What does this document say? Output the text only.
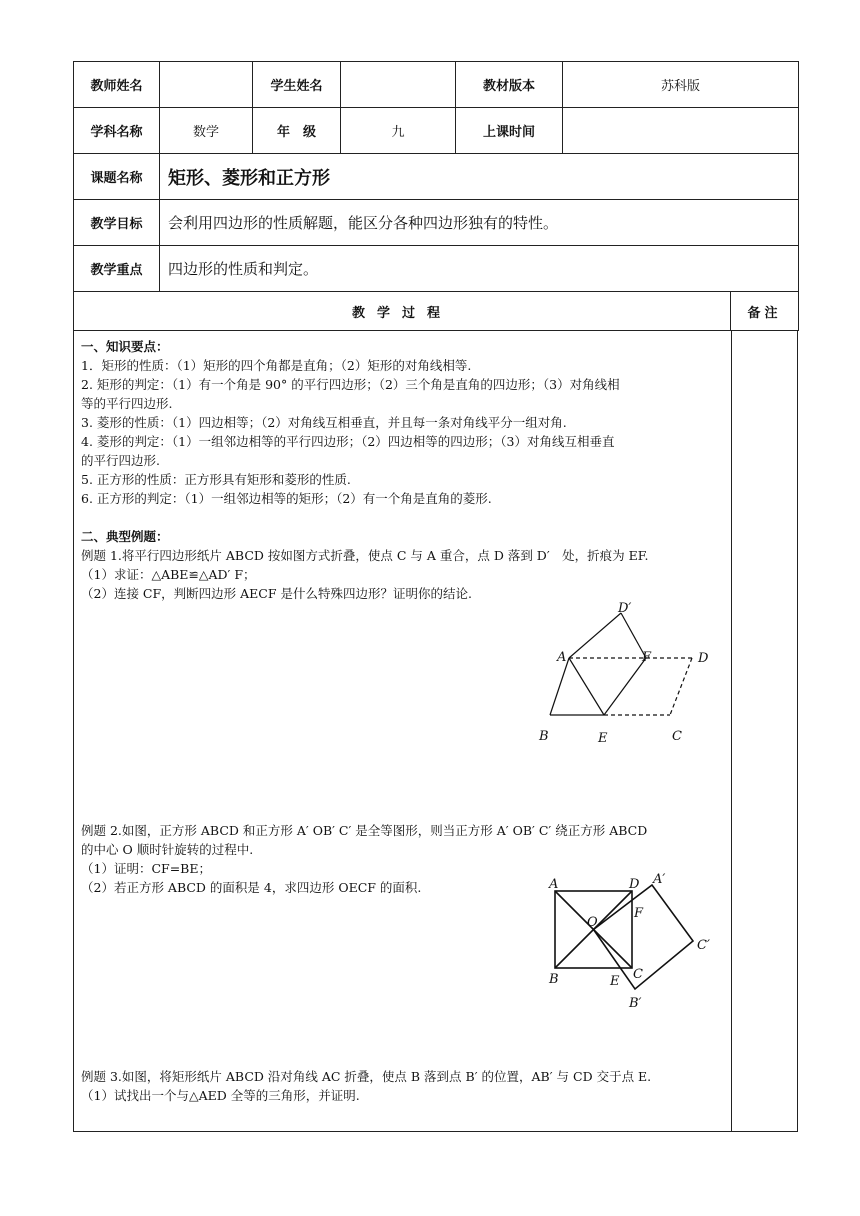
教师姓名		学生姓名		教材版本	苏科版	
学科名称	数学	年　级	九	上课时间		
课题名称	矩形、菱形和正方形					
教学目标	会利用四边形的性质解题，能区分各种四边形独有的特性。					
教学重点	四边形的性质和判定。					
教学过程						备注
一、知识要点：
1．矩形的性质：（1）矩形的四个角都是直角；（2）矩形的对角线相等.
2. 矩形的判定：（1）有一个角是 90° 的平行四边形；（2）三个角是直角的四边形；（3）对角线相
等的平行四边形.
3. 菱形的性质：（1）四边相等；（2）对角线互相垂直，并且每一条对角线平分一组对角.
4. 菱形的判定：（1）一组邻边相等的平行四边形；（2）四边相等的四边形；（3）对角线互相垂直
的平行四边形.
5. 正方形的性质：正方形具有矩形和菱形的性质.
6. 正方形的判定：（1）一组邻边相等的矩形；（2）有一个角是直角的菱形.
二、典型例题：
例题 1.将平行四边形纸片 ABCD 按如图方式折叠，使点 C 与 A 重合，点 D 落到 D′　处，折痕为 EF.
（1）求证：△ABE≌△AD′ F；
（2）连接 CF，判断四边形 AECF 是什么特殊四边形？证明你的结论.
D′
A	F	D
B	E	C
例题 2.如图，正方形 ABCD 和正方形 A′ OB′ C′ 是全等图形，则当正方形 A′ OB′ C′ 绕正方形 ABCD
的中心 O 顺时针旋转的过程中.
（1）证明：CF=BE；
（2）若正方形 ABCD 的面积是 4，求四边形 OECF 的面积.	A	D A′
O
F
C′
B	E C
B′
例题 3.如图，将矩形纸片 ABCD 沿对角线 AC 折叠，使点 B 落到点 B′ 的位置，AB′ 与 CD 交于点 E.
（1）试找出一个与△AED 全等的三角形，并证明.
